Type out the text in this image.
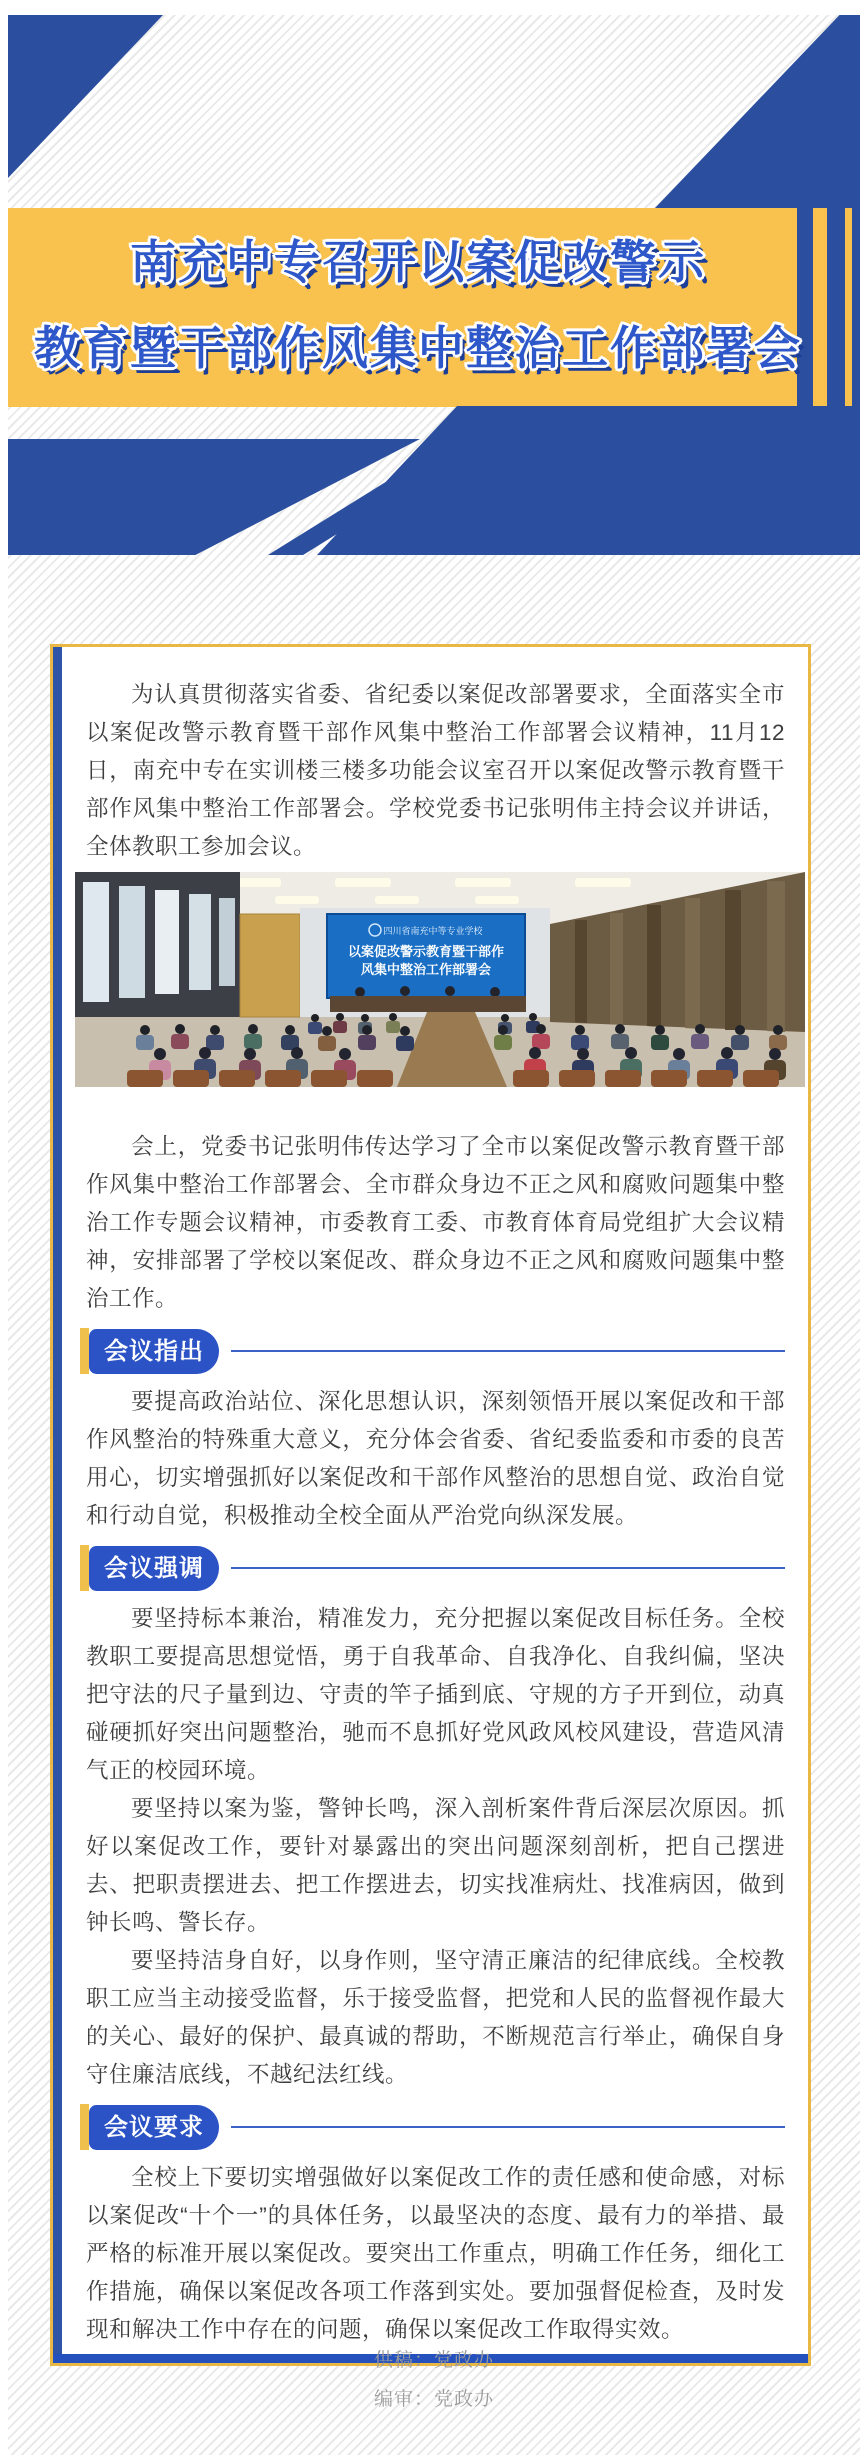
南充中专召开以案促改警示
教育暨干部作风集中整治工作部署会

为认真贯彻落实省委、省纪委以案促改部署要求，全面落实全市以案促改警示教育暨干部作风集中整治工作部署会议精神，11月12日，南充中专在实训楼三楼多功能会议室召开以案促改警示教育暨干部作风集中整治工作部署会。学校党委书记张明伟主持会议并讲话，全体教职工参加会议。

四川省南充中等专业学校
以案促改警示教育暨干部作
风集中整治工作部署会

会上，党委书记张明伟传达学习了全市以案促改警示教育暨干部作风集中整治工作部署会、全市群众身边不正之风和腐败问题集中整治工作专题会议精神，市委教育工委、市教育体育局党组扩大会议精神，安排部署了学校以案促改、群众身边不正之风和腐败问题集中整治工作。

会议指出

要提高政治站位、深化思想认识，深刻领悟开展以案促改和干部作风整治的特殊重大意义，充分体会省委、省纪委监委和市委的良苦用心，切实增强抓好以案促改和干部作风整治的思想自觉、政治自觉和行动自觉，积极推动全校全面从严治党向纵深发展。

会议强调

要坚持标本兼治，精准发力，充分把握以案促改目标任务。全校教职工要提高思想觉悟，勇于自我革命、自我净化、自我纠偏，坚决把守法的尺子量到边、守责的竿子插到底、守规的方子开到位，动真碰硬抓好突出问题整治，驰而不息抓好党风政风校风建设，营造风清气正的校园环境。

要坚持以案为鉴，警钟长鸣，深入剖析案件背后深层次原因。抓好以案促改工作，要针对暴露出的突出问题深刻剖析，把自己摆进去、把职责摆进去、把工作摆进去，切实找准病灶、找准病因，做到钟长鸣、警长存。

要坚持洁身自好，以身作则，坚守清正廉洁的纪律底线。全校教职工应当主动接受监督，乐于接受监督，把党和人民的监督视作最大的关心、最好的保护、最真诚的帮助，不断规范言行举止，确保自身守住廉洁底线，不越纪法红线。

会议要求

全校上下要切实增强做好以案促改工作的责任感和使命感，对标以案促改“十个一”的具体任务，以最坚决的态度、最有力的举措、最严格的标准开展以案促改。要突出工作重点，明确工作任务，细化工作措施，确保以案促改各项工作落到实处。要加强督促检查，及时发现和解决工作中存在的问题，确保以案促改工作取得实效。

供稿：党政办
编审：党政办
